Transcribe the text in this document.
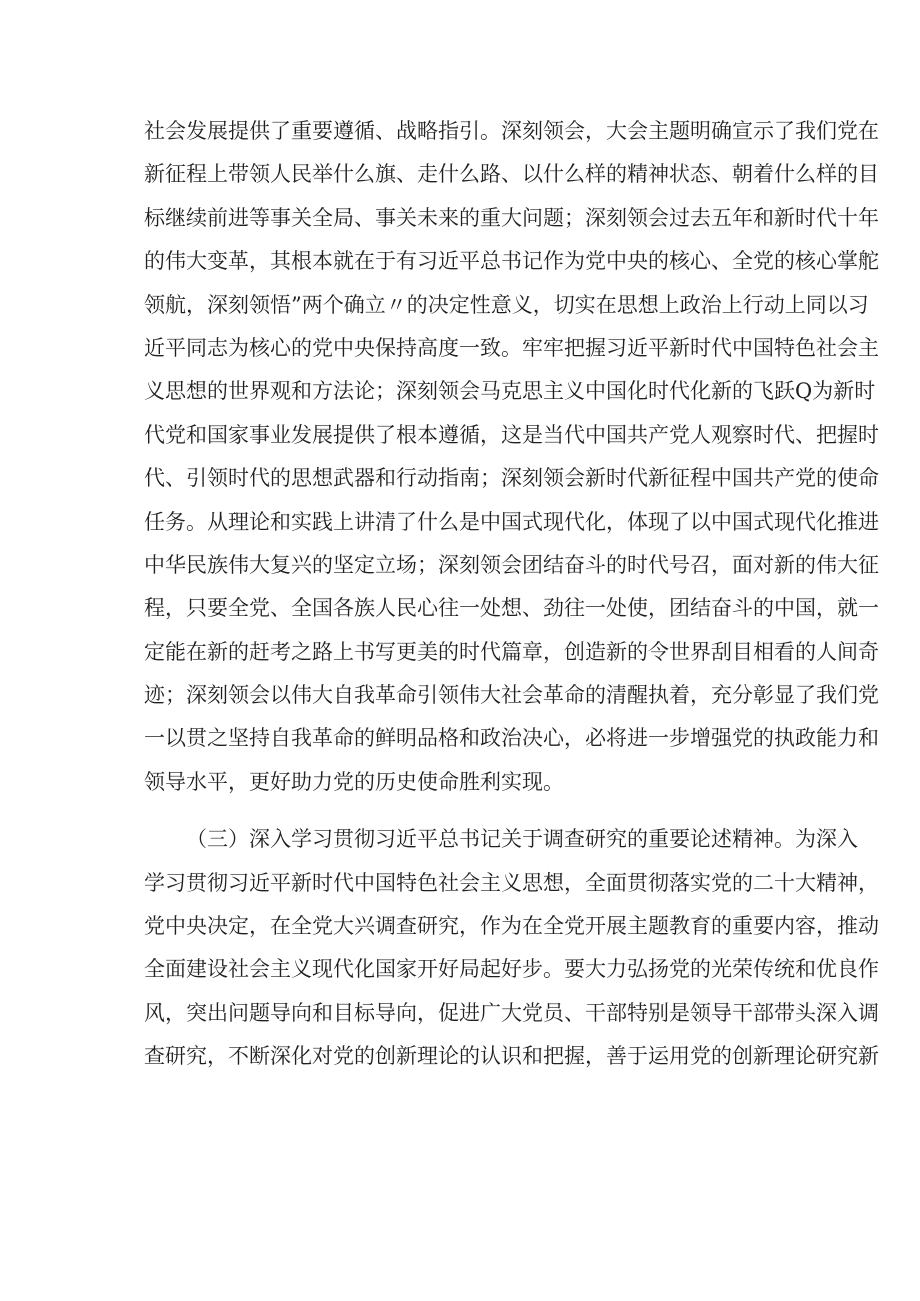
社会发展提供了重要遵循、战略指引。深刻领会，大会主题明确宣示了我们党在
新征程上带领人民举什么旗、走什么路、以什么样的精神状态、朝着什么样的目
标继续前进等事关全局、事关未来的重大问题；深刻领会过去五年和新时代十年
的伟大变革，其根本就在于有习近平总书记作为党中央的核心、全党的核心掌舵
领航，深刻领悟”两个确立〃的决定性意义，切实在思想上政治上行动上同以习
近平同志为核心的党中央保持高度一致。牢牢把握习近平新时代中国特色社会主
义思想的世界观和方法论；深刻领会马克思主义中国化时代化新的飞跃Q为新时
代党和国家事业发展提供了根本遵循，这是当代中国共产党人观察时代、把握时
代、引领时代的思想武器和行动指南；深刻领会新时代新征程中国共产党的使命
任务。从理论和实践上讲清了什么是中国式现代化，体现了以中国式现代化推进
中华民族伟大复兴的坚定立场；深刻领会团结奋斗的时代号召，面对新的伟大征
程，只要全党、全国各族人民心往一处想、劲往一处使，团结奋斗的中国，就一
定能在新的赶考之路上书写更美的时代篇章，创造新的令世界刮目相看的人间奇
迹；深刻领会以伟大自我革命引领伟大社会革命的清醒执着，充分彰显了我们党
一以贯之坚持自我革命的鲜明品格和政治决心，必将进一步增强党的执政能力和
领导水平，更好助力党的历史使命胜利实现。
（三）深入学习贯彻习近平总书记关于调查研究的重要论述精神。为深入
学习贯彻习近平新时代中国特色社会主义思想，全面贯彻落实党的二十大精神，
党中央决定，在全党大兴调查研究，作为在全党开展主题教育的重要内容，推动
全面建设社会主义现代化国家开好局起好步。要大力弘扬党的光荣传统和优良作
风，突出问题导向和目标导向，促进广大党员、干部特别是领导干部带头深入调
查研究，不断深化对党的创新理论的认识和把握，善于运用党的创新理论研究新
